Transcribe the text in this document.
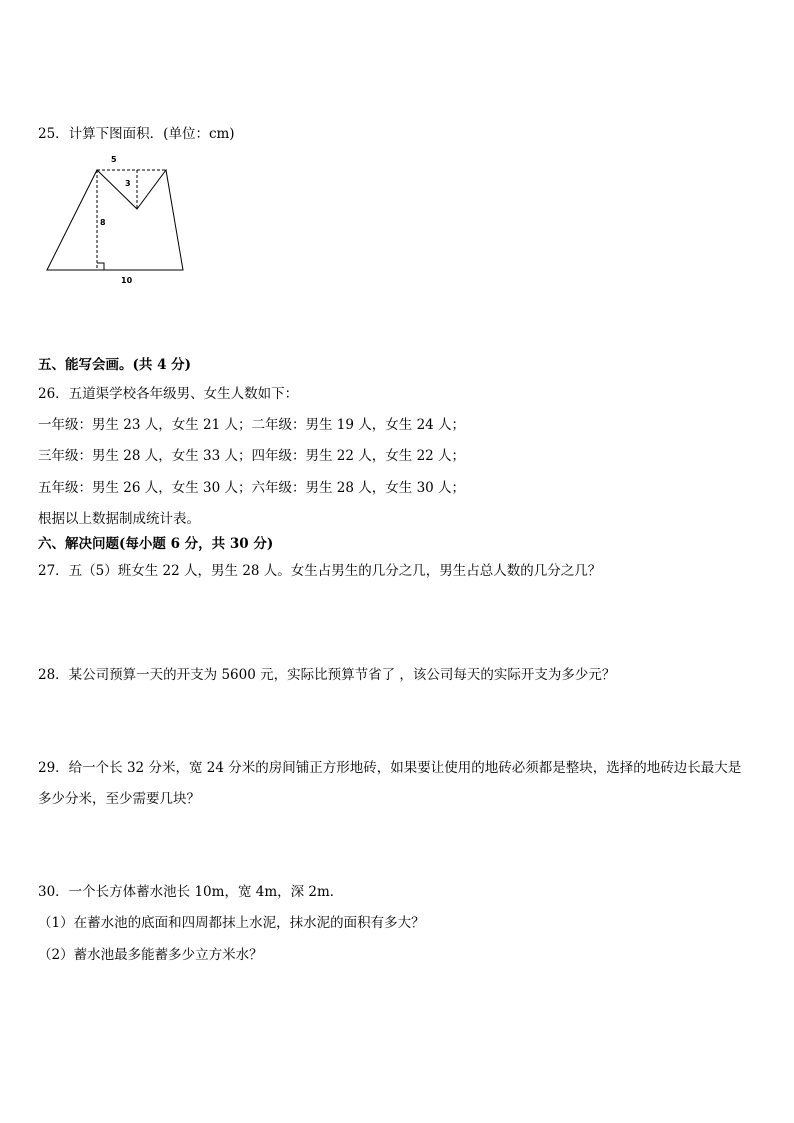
25．计算下图面积．(单位：cm)
5
3
8
10
五、能写会画。(共 4 分)
26．五道渠学校各年级男、女生人数如下：
一年级：男生 23 人，女生 21 人；二年级：男生 19 人，女生 24 人；
三年级：男生 28 人，女生 33 人；四年级：男生 22 人，女生 22 人；
五年级：男生 26 人，女生 30 人；六年级：男生 28 人，女生 30 人；
根据以上数据制成统计表。
六、解决问题(每小题 6 分，共 30 分)
27．五（5）班女生 22 人，男生 28 人。女生占男生的几分之几，男生占总人数的几分之几？
28．某公司预算一天的开支为 5600 元，实际比预算节省了 ，该公司每天的实际开支为多少元？
29．给一个长 32 分米，宽 24 分米的房间铺正方形地砖，如果要让使用的地砖必须都是整块，选择的地砖边长最大是
多少分米，至少需要几块？
30．一个长方体蓄水池长 10m，宽 4m，深 2m．
（1）在蓄水池的底面和四周都抹上水泥，抹水泥的面积有多大？
（2）蓄水池最多能蓄多少立方米水？
